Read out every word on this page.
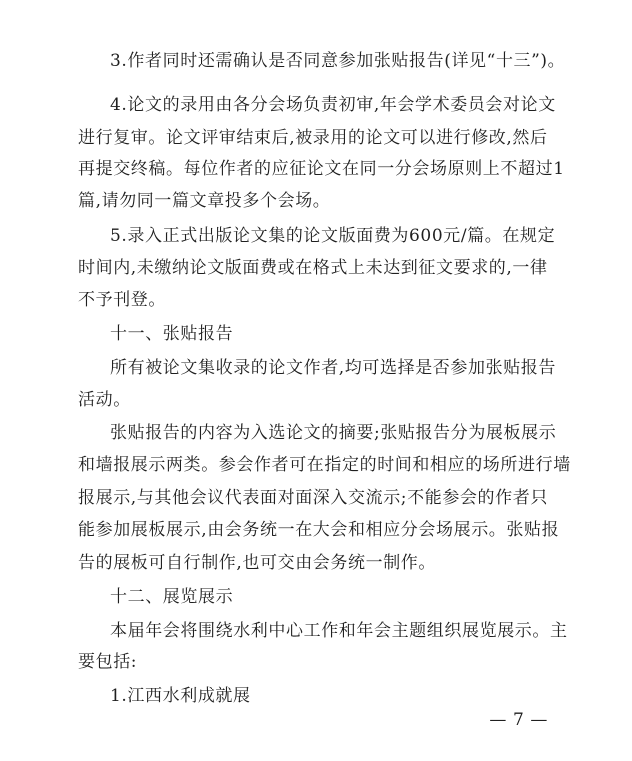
3.作者同时还需确认是否同意参加张贴报告(详见“十三”)。
4.论文的录用由各分会场负责初审,年会学术委员会对论文
进行复审。论文评审结束后,被录用的论文可以进行修改,然后
再提交终稿。每位作者的应征论文在同一分会场原则上不超过1
篇,请勿同一篇文章投多个会场。
5.录入正式出版论文集的论文版面费为600元/篇。在规定
时间内,未缴纳论文版面费或在格式上未达到征文要求的,一律
不予刊登。
十一、张贴报告
所有被论文集收录的论文作者,均可选择是否参加张贴报告
活动。
张贴报告的内容为入选论文的摘要;张贴报告分为展板展示
和墙报展示两类。参会作者可在指定的时间和相应的场所进行墙
报展示,与其他会议代表面对面深入交流示;不能参会的作者只
能参加展板展示,由会务统一在大会和相应分会场展示。张贴报
告的展板可自行制作,也可交由会务统一制作。
十二、展览展示
本届年会将围绕水利中心工作和年会主题组织展览展示。主
要包括:
1.江西水利成就展
— 7 —
